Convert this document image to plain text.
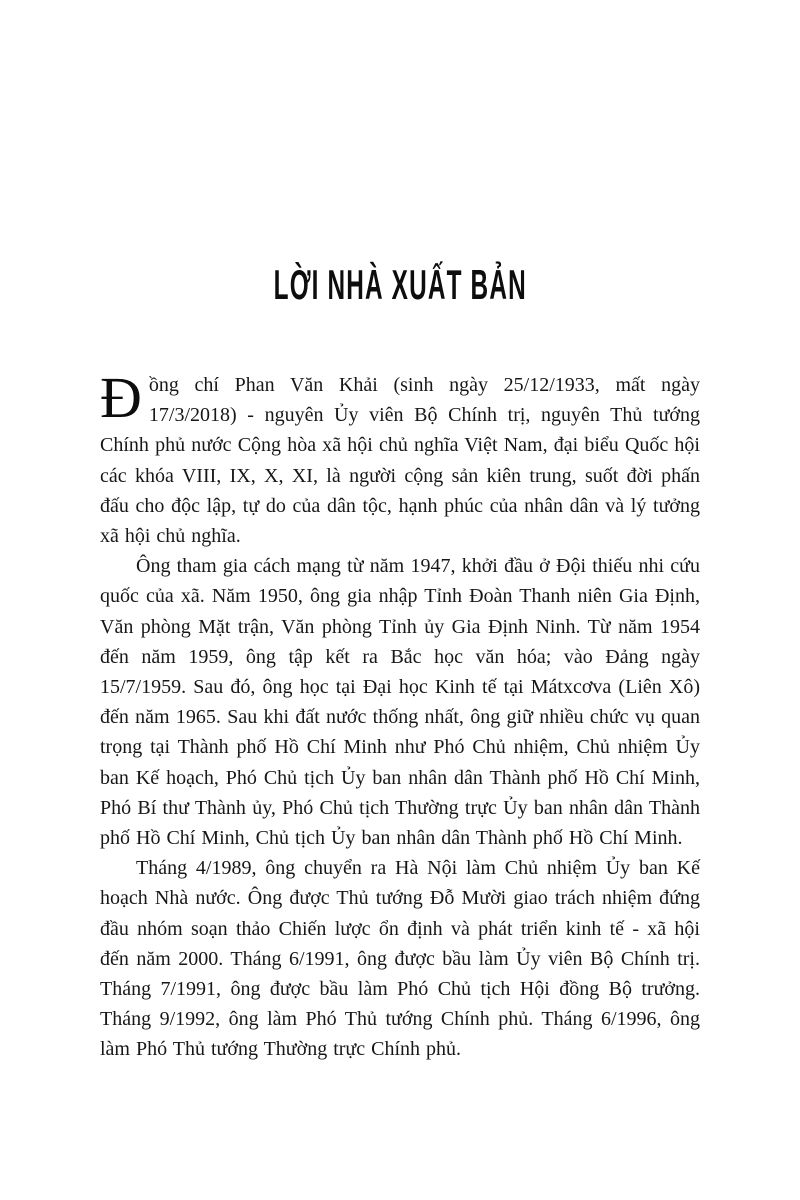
LỜI NHÀ XUẤT BẢN

Đồng chí Phan Văn Khải (sinh ngày 25/12/1933, mất ngày 17/3/2018) - nguyên Ủy viên Bộ Chính trị, nguyên Thủ tướng Chính phủ nước Cộng hòa xã hội chủ nghĩa Việt Nam, đại biểu Quốc hội các khóa VIII, IX, X, XI, là người cộng sản kiên trung, suốt đời phấn đấu cho độc lập, tự do của dân tộc, hạnh phúc của nhân dân và lý tưởng xã hội chủ nghĩa.

Ông tham gia cách mạng từ năm 1947, khởi đầu ở Đội thiếu nhi cứu quốc của xã. Năm 1950, ông gia nhập Tỉnh Đoàn Thanh niên Gia Định, Văn phòng Mặt trận, Văn phòng Tỉnh ủy Gia Định Ninh. Từ năm 1954 đến năm 1959, ông tập kết ra Bắc học văn hóa; vào Đảng ngày 15/7/1959. Sau đó, ông học tại Đại học Kinh tế tại Mátxcơva (Liên Xô) đến năm 1965. Sau khi đất nước thống nhất, ông giữ nhiều chức vụ quan trọng tại Thành phố Hồ Chí Minh như Phó Chủ nhiệm, Chủ nhiệm Ủy ban Kế hoạch, Phó Chủ tịch Ủy ban nhân dân Thành phố Hồ Chí Minh, Phó Bí thư Thành ủy, Phó Chủ tịch Thường trực Ủy ban nhân dân Thành phố Hồ Chí Minh, Chủ tịch Ủy ban nhân dân Thành phố Hồ Chí Minh.

Tháng 4/1989, ông chuyển ra Hà Nội làm Chủ nhiệm Ủy ban Kế hoạch Nhà nước. Ông được Thủ tướng Đỗ Mười giao trách nhiệm đứng đầu nhóm soạn thảo Chiến lược ổn định và phát triển kinh tế - xã hội đến năm 2000. Tháng 6/1991, ông được bầu làm Ủy viên Bộ Chính trị. Tháng 7/1991, ông được bầu làm Phó Chủ tịch Hội đồng Bộ trưởng. Tháng 9/1992, ông làm Phó Thủ tướng Chính phủ. Tháng 6/1996, ông làm Phó Thủ tướng Thường trực Chính phủ.
